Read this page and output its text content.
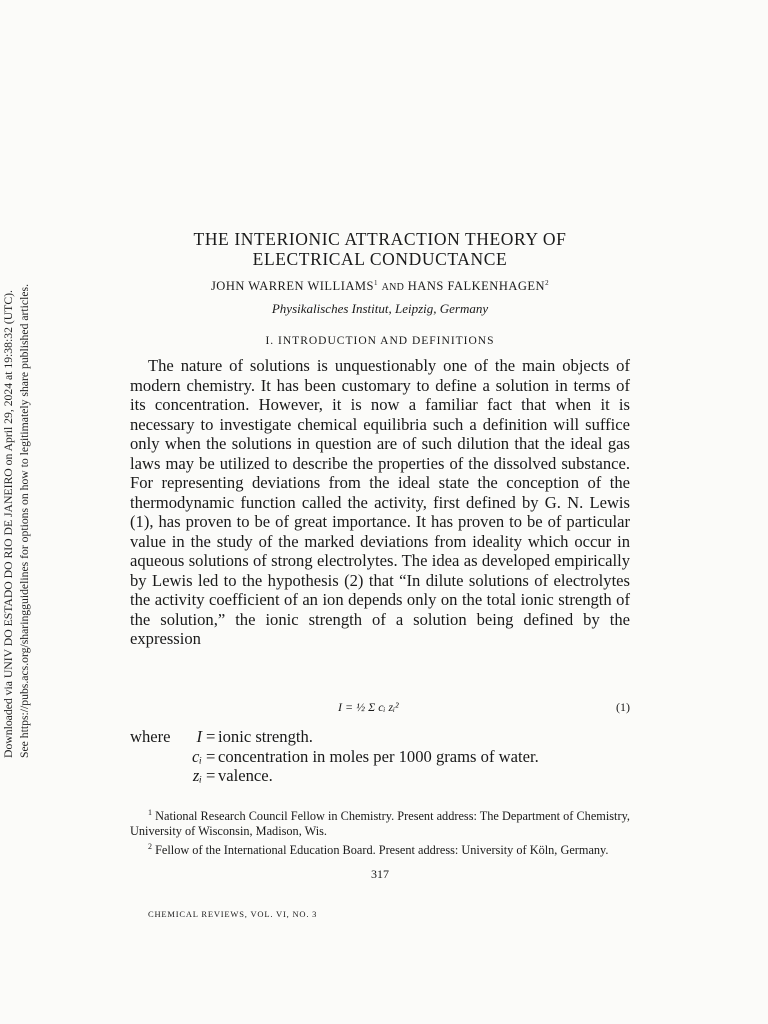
Downloaded via UNIV DO ESTADO DO RIO DE JANEIRO on April 29, 2024 at 19:38:32 (UTC). See https://pubs.acs.org/sharingguidelines for options on how to legitimately share published articles.
THE INTERIONIC ATTRACTION THEORY OF
ELECTRICAL CONDUCTANCE
JOHN WARREN WILLIAMS$^1$ AND HANS FALKENHAGEN$^2$
Physikalisches Institut, Leipzig, Germany
I. INTRODUCTION AND DEFINITIONS

The nature of solutions is unquestionably one of the main objects of modern chemistry. It has been customary to define a solution in terms of its concentration. However, it is now a familiar fact that when it is necessary to investigate chemical equilibria such a definition will suffice only when the solutions in question are of such dilution that the ideal gas laws may be utilized to describe the properties of the dissolved substance. For representing deviations from the ideal state the conception of the thermodynamic function called the activity, first defined by G. N. Lewis (1), has proven to be of great importance. It has proven to be of particular value in the study of the marked deviations from ideality which occur in aqueous solutions of strong electrolytes. The idea as developed empirically by Lewis led to the hypothesis (2) that “In dilute solutions of electrolytes the activity coefficient of an ion depends only on the total ionic strength of the solution,” the ionic strength of a solution being defined by the expression

I = ½ Σ cᵢ zᵢ²	(1)
where	I = ionic strength.
cᵢ = concentration in moles per 1000 grams of water.
zᵢ = valence.

$^1$ National Research Council Fellow in Chemistry. Present address: The Department of Chemistry, University of Wisconsin, Madison, Wis.

$^2$ Fellow of the International Education Board. Present address: University of Köln, Germany.

317
CHEMICAL REVIEWS, VOL. VI, NO. 3
